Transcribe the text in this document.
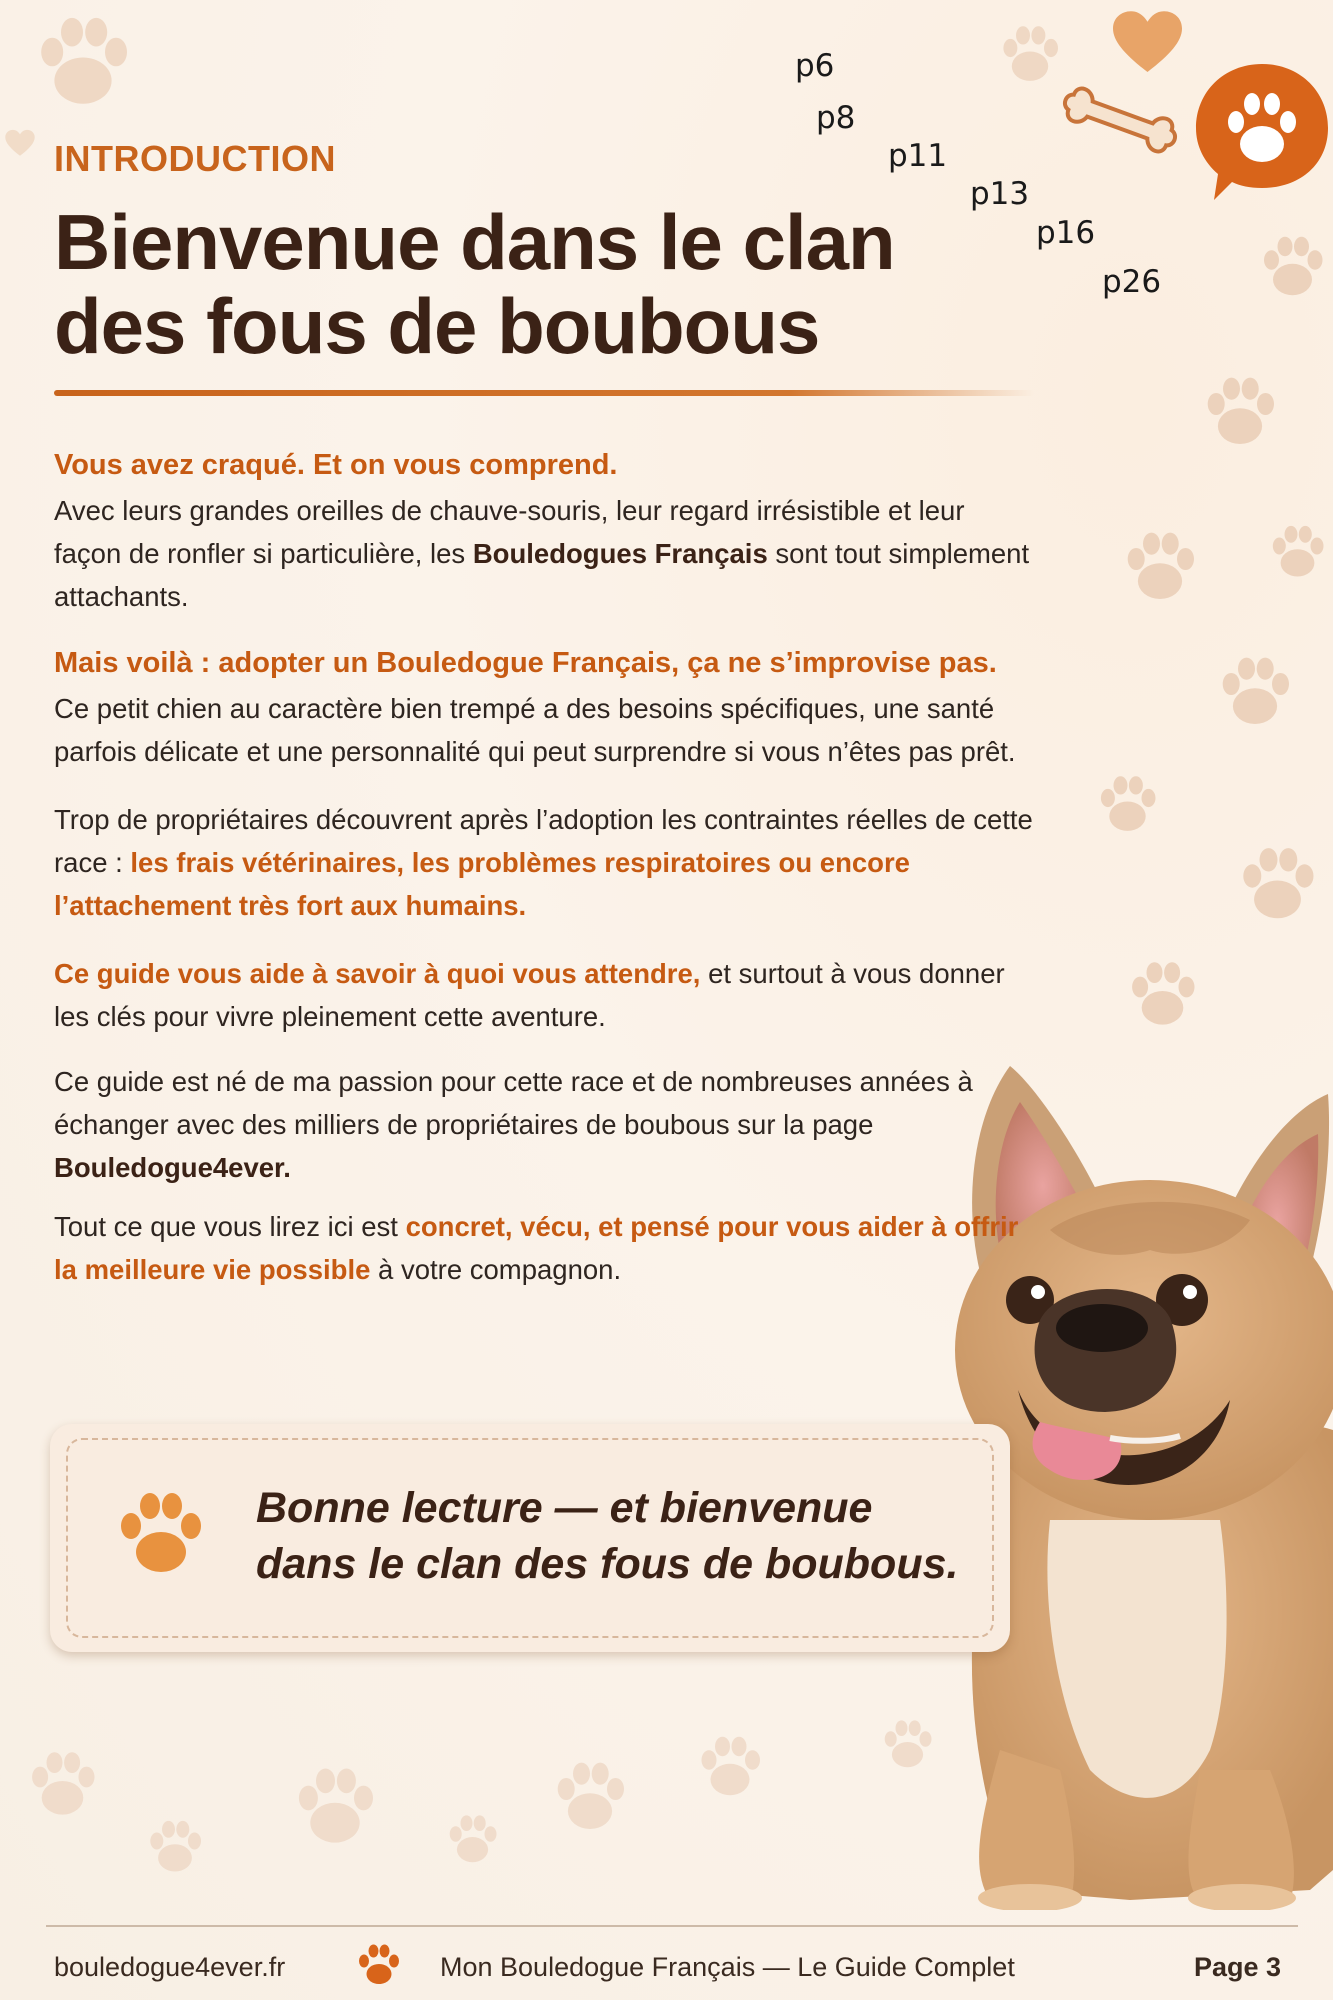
INTRODUCTION
Bienvenue dans le clan
des fous de boubous
p6
p8
p11
p13
p16
p26

Vous avez craqué. Et on vous comprend.

Avec leurs grandes oreilles de chauve-souris, leur regard irrésistible et leur façon de ronfler si particulière, les Bouledogues Français sont tout simplement attachants.

Mais voilà : adopter un Bouledogue Français, ça ne s’improvise pas.

Ce petit chien au caractère bien trempé a des besoins spécifiques, une santé parfois délicate et une personnalité qui peut surprendre si vous n’êtes pas prêt.

Trop de propriétaires découvrent après l’adoption les contraintes réelles de cette race : les frais vétérinaires, les problèmes respiratoires ou encore l’attachement très fort aux humains.

Ce guide vous aide à savoir à quoi vous attendre, et surtout à vous donner les clés pour vivre pleinement cette aventure.

Ce guide est né de ma passion pour cette race et de nombreuses années à échanger avec des milliers de propriétaires de boubous sur la page Bouledogue4ever.

Tout ce que vous lirez ici est concret, vécu, et pensé pour vous aider à offrir la meilleure vie possible à votre compagnon.

Bonne lecture — et bienvenue
dans le clan des fous de boubous.
bouledogue4ever.fr	Mon Bouledogue Français — Le Guide Complet	Page 3
